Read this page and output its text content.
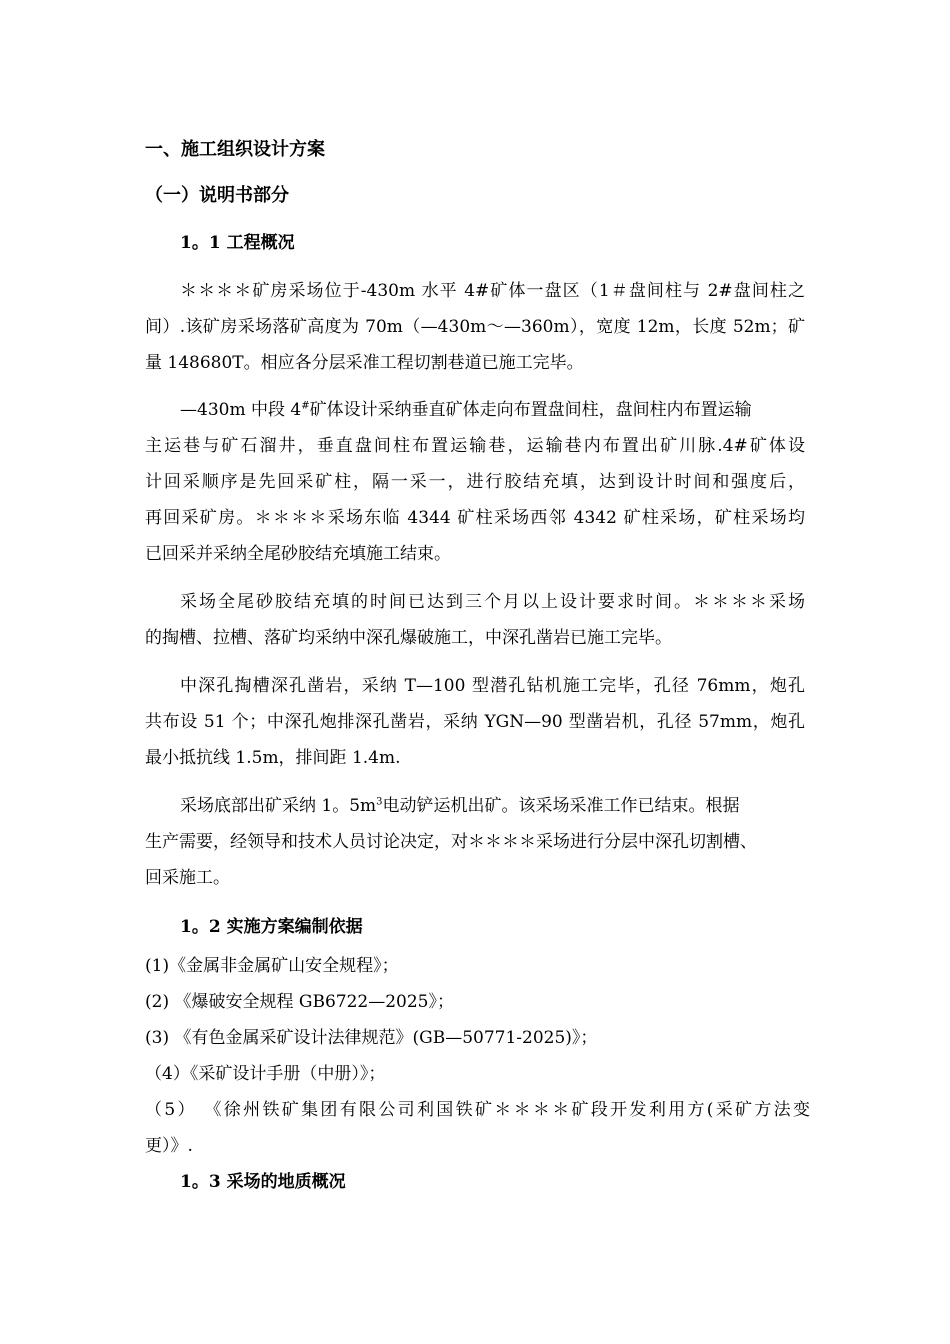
一、施工组织设计方案
（一）说明书部分
1。1 工程概况
＊＊＊＊矿房采场位于-430m 水平 4#矿体一盘区（1＃盘间柱与 2#盘间柱之
间）.该矿房采场落矿高度为 70m（—430m～—360m），宽度 12m，长度 52m；矿
量 148680T。相应各分层采准工程切割巷道已施工完毕。
—430m 中段 4#矿体设计采纳垂直矿体走向布置盘间柱，盘间柱内布置运输
主运巷与矿石溜井，垂直盘间柱布置运输巷，运输巷内布置出矿川脉.4#矿体设
计回采顺序是先回采矿柱，隔一采一，进行胶结充填，达到设计时间和强度后，
再回采矿房。＊＊＊＊采场东临 4344 矿柱采场西邻 4342 矿柱采场，矿柱采场均
已回采并采纳全尾砂胶结充填施工结束。
采场全尾砂胶结充填的时间已达到三个月以上设计要求时间。＊＊＊＊采场
的掏槽、拉槽、落矿均采纳中深孔爆破施工，中深孔凿岩已施工完毕。
中深孔掏槽深孔凿岩，采纳 T—100 型潜孔钻机施工完毕，孔径 76mm，炮孔
共布设 51 个；中深孔炮排深孔凿岩，采纳 YGN—90 型凿岩机，孔径 57mm，炮孔
最小抵抗线 1.5m，排间距 1.4m.
采场底部出矿采纳 1。$5m^3$电动铲运机出矿。该采场采准工作已结束。根据
生产需要，经领导和技术人员讨论决定，对＊＊＊＊采场进行分层中深孔切割槽、
回采施工。
1。2 实施方案编制依据
(1)《金属非金属矿山安全规程》；
(2) 《爆破安全规程 GB6722—2025》；
(3) 《有色金属采矿设计法律规范》(GB—50771-2025)》；
（4）《采矿设计手册（中册）》；
（5） 《徐州铁矿集团有限公司利国铁矿＊＊＊＊矿段开发利用方(采矿方法变
更）》.
1。3 采场的地质概况
